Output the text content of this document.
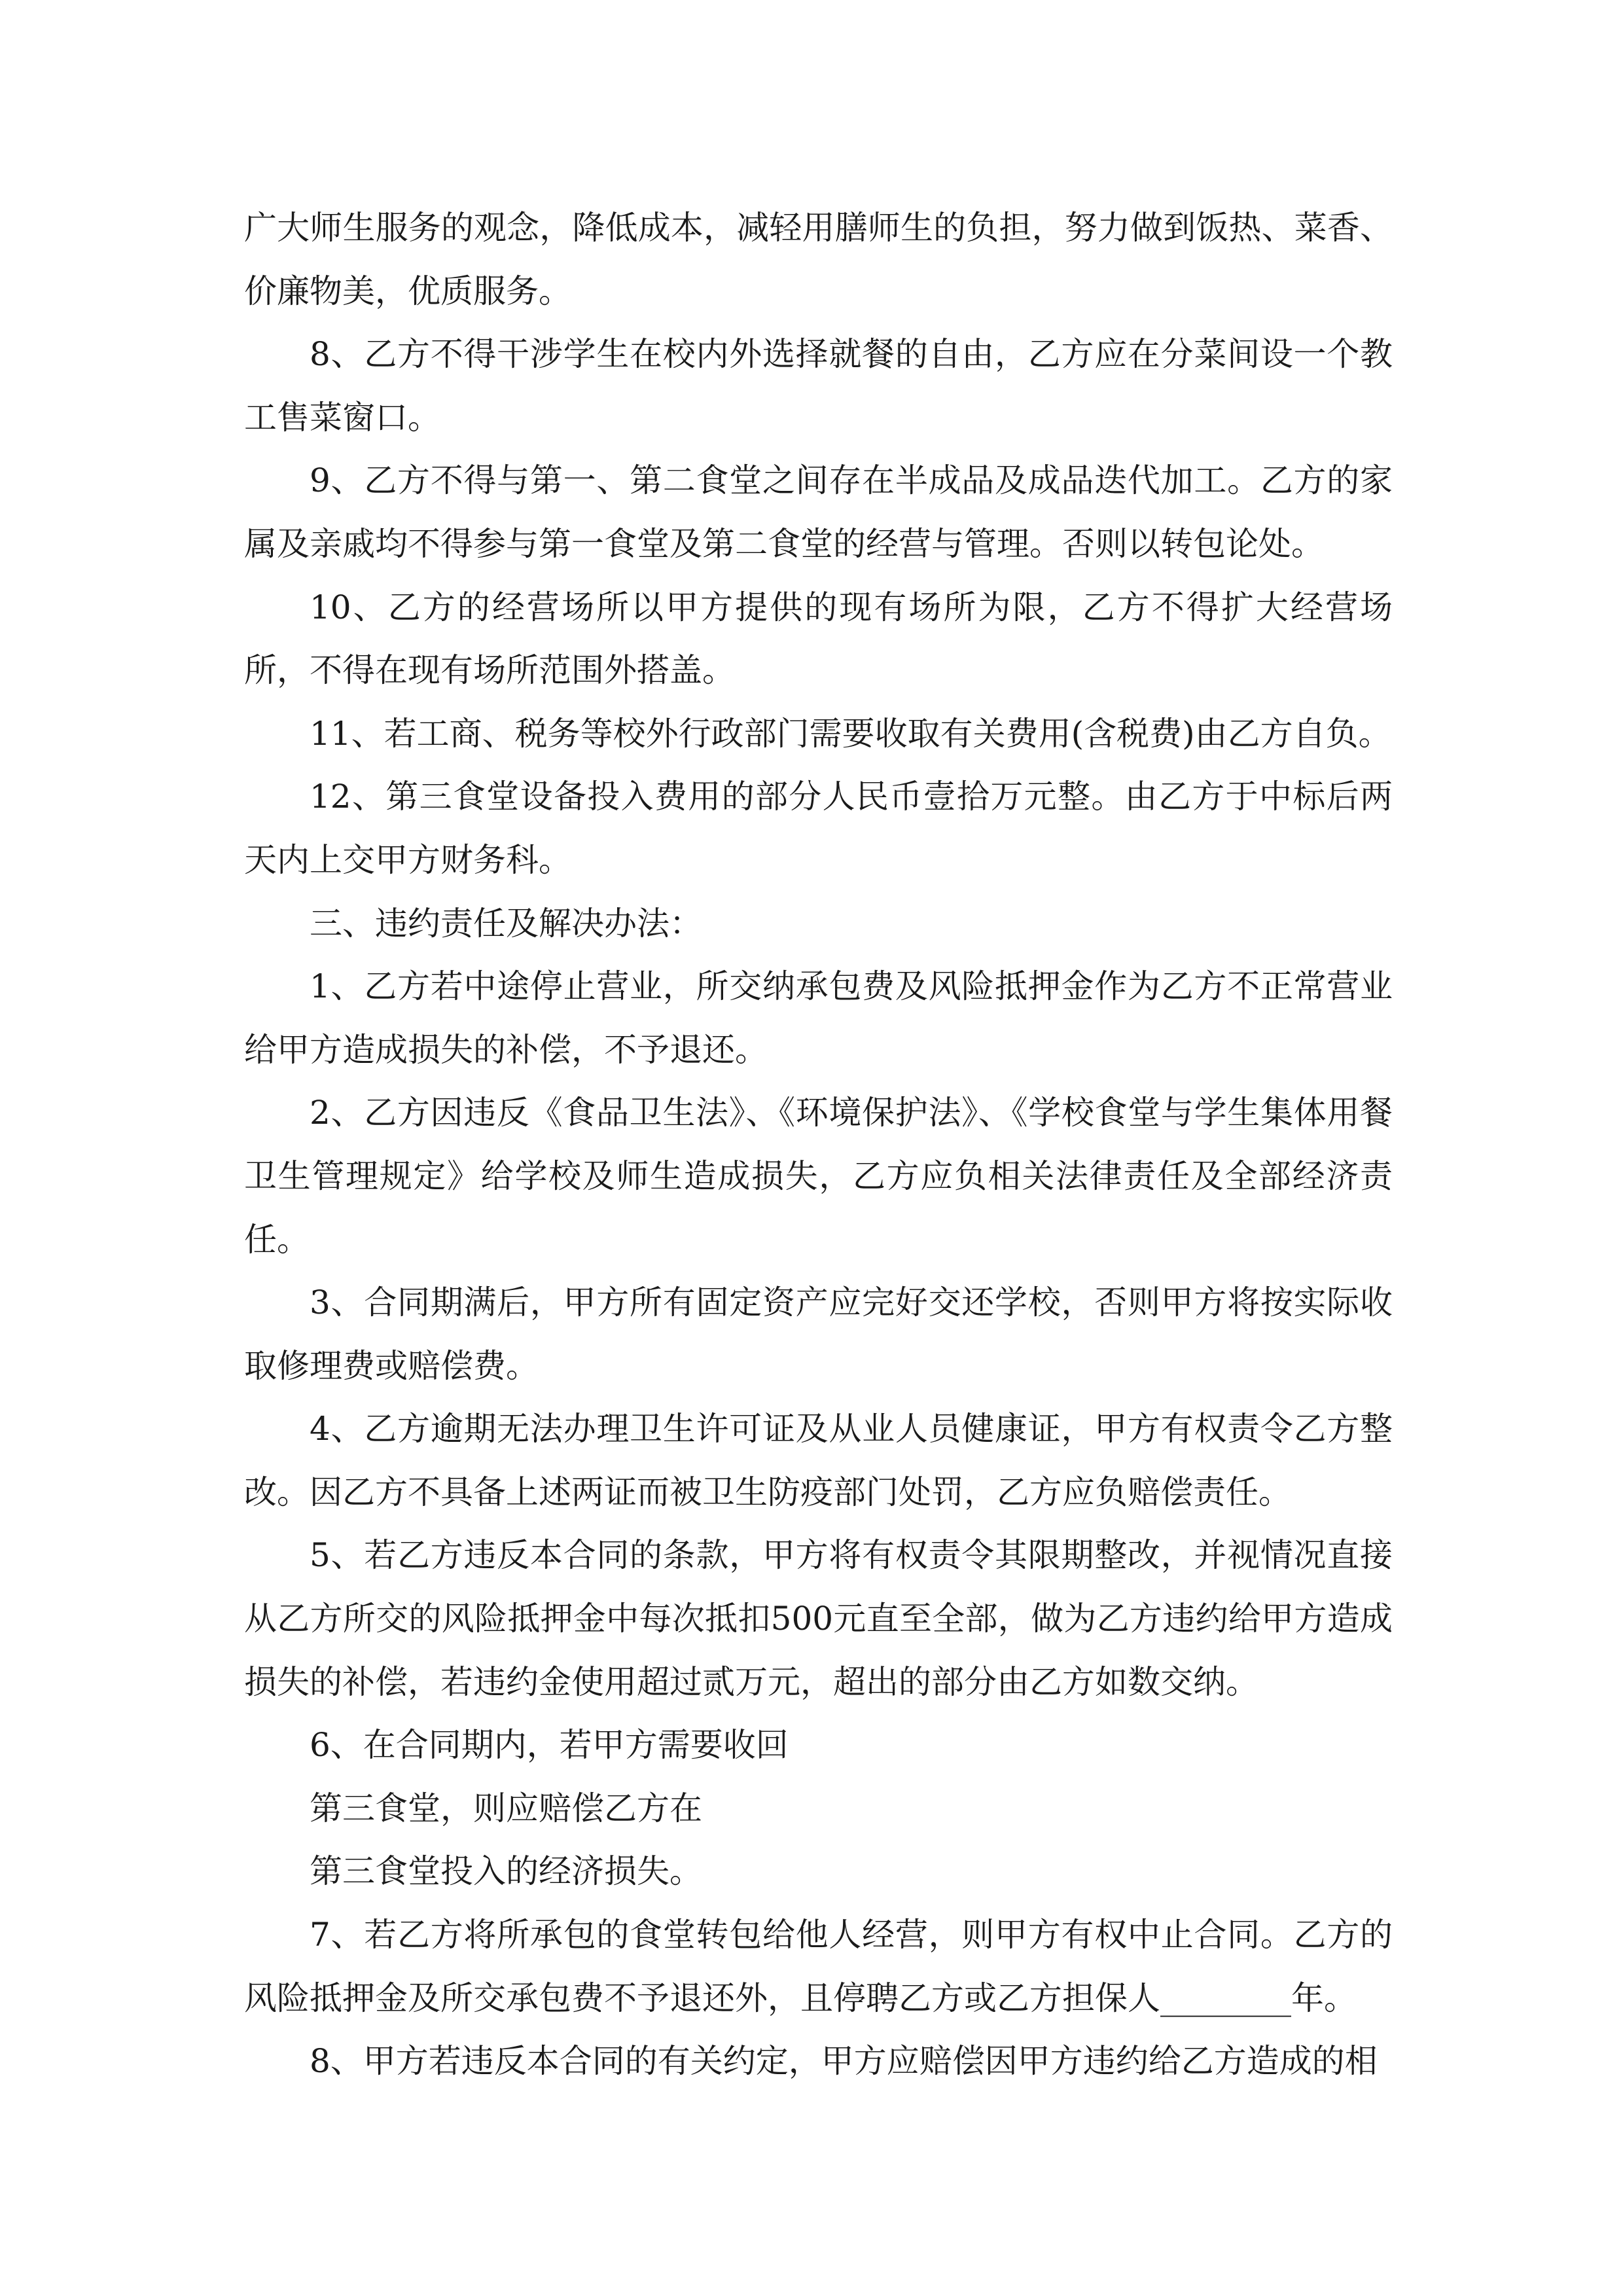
广大师生服务的观念，降低成本，减轻用膳师生的负担，努力做到饭热、菜香、价廉物美，优质服务。

8、乙方不得干涉学生在校内外选择就餐的自由，乙方应在分菜间设一个教工售菜窗口。

9、乙方不得与第一、第二食堂之间存在半成品及成品迭代加工。乙方的家属及亲戚均不得参与第一食堂及第二食堂的经营与管理。否则以转包论处。

10、乙方的经营场所以甲方提供的现有场所为限，乙方不得扩大经营场所，不得在现有场所范围外搭盖。

11、若工商、税务等校外行政部门需要收取有关费用(含税费)由乙方自负。

12、第三食堂设备投入费用的部分人民币壹拾万元整。由乙方于中标后两天内上交甲方财务科。

三、违约责任及解决办法：

1、乙方若中途停止营业，所交纳承包费及风险抵押金作为乙方不正常营业给甲方造成损失的补偿，不予退还。

2、乙方因违反《食品卫生法》、《环境保护法》、《学校食堂与学生集体用餐卫生管理规定》给学校及师生造成损失，乙方应负相关法律责任及全部经济责任。

3、合同期满后，甲方所有固定资产应完好交还学校，否则甲方将按实际收取修理费或赔偿费。

4、乙方逾期无法办理卫生许可证及从业人员健康证，甲方有权责令乙方整改。因乙方不具备上述两证而被卫生防疫部门处罚，乙方应负赔偿责任。

5、若乙方违反本合同的条款，甲方将有权责令其限期整改，并视情况直接从乙方所交的风险抵押金中每次抵扣500元直至全部，做为乙方违约给甲方造成损失的补偿，若违约金使用超过贰万元，超出的部分由乙方如数交纳。

6、在合同期内，若甲方需要收回

第三食堂，则应赔偿乙方在

第三食堂投入的经济损失。

7、若乙方将所承包的食堂转包给他人经营，则甲方有权中止合同。乙方的风险抵押金及所交承包费不予退还外，且停聘乙方或乙方担保人________年。

8、甲方若违反本合同的有关约定，甲方应赔偿因甲方违约给乙方造成的相
